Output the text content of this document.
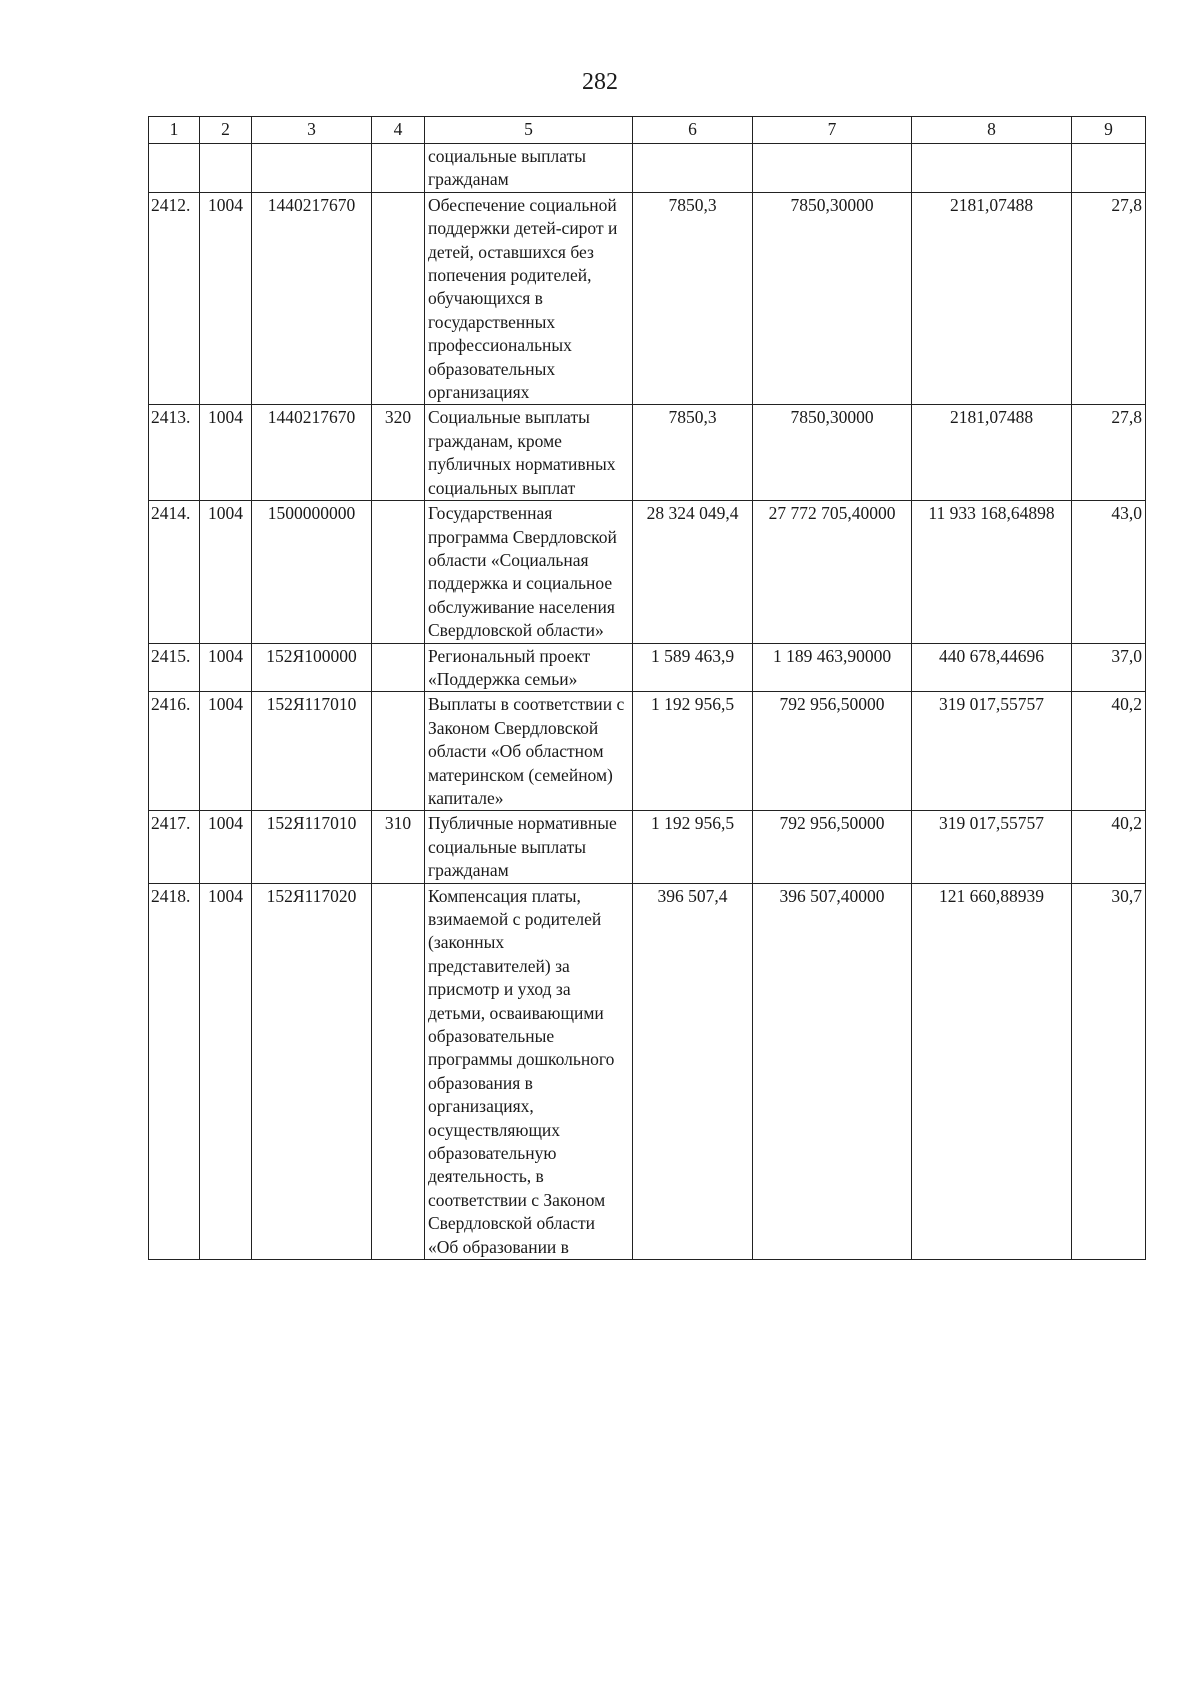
282
1	2	3	4	5	6	7	8	9
				социальные выплаты гражданам				
2412.	1004	1440217670		Обеспечение социальной поддержки детей-сирот и детей, оставшихся без попечения родителей, обучающихся в государственных профессиональных образовательных организациях	7850,3	7850,30000	2181,07488	27,8
2413.	1004	1440217670	320	Социальные выплаты гражданам, кроме публичных нормативных социальных выплат	7850,3	7850,30000	2181,07488	27,8
2414.	1004	1500000000		Государственная программа Свердловской области «Социальная поддержка и социальное обслуживание населения Свердловской области»	28 324 049,4	27 772 705,40000	11 933 168,64898	43,0
2415.	1004	152Я100000		Региональный проект «Поддержка семьи»	1 589 463,9	1 189 463,90000	440 678,44696	37,0
2416.	1004	152Я117010		Выплаты в соответствии с Законом Свердловской области «Об областном материнском (семейном) капитале»	1 192 956,5	792 956,50000	319 017,55757	40,2
2417.	1004	152Я117010	310	Публичные нормативные социальные выплаты гражданам	1 192 956,5	792 956,50000	319 017,55757	40,2
2418.	1004	152Я117020		Компенсация платы, взимаемой с родителей (законных представителей) за присмотр и уход за детьми, осваивающими образовательные программы дошкольного образования в организациях, осуществляющих образовательную деятельность, в соответствии с Законом Свердловской области «Об образовании в	396 507,4	396 507,40000	121 660,88939	30,7
